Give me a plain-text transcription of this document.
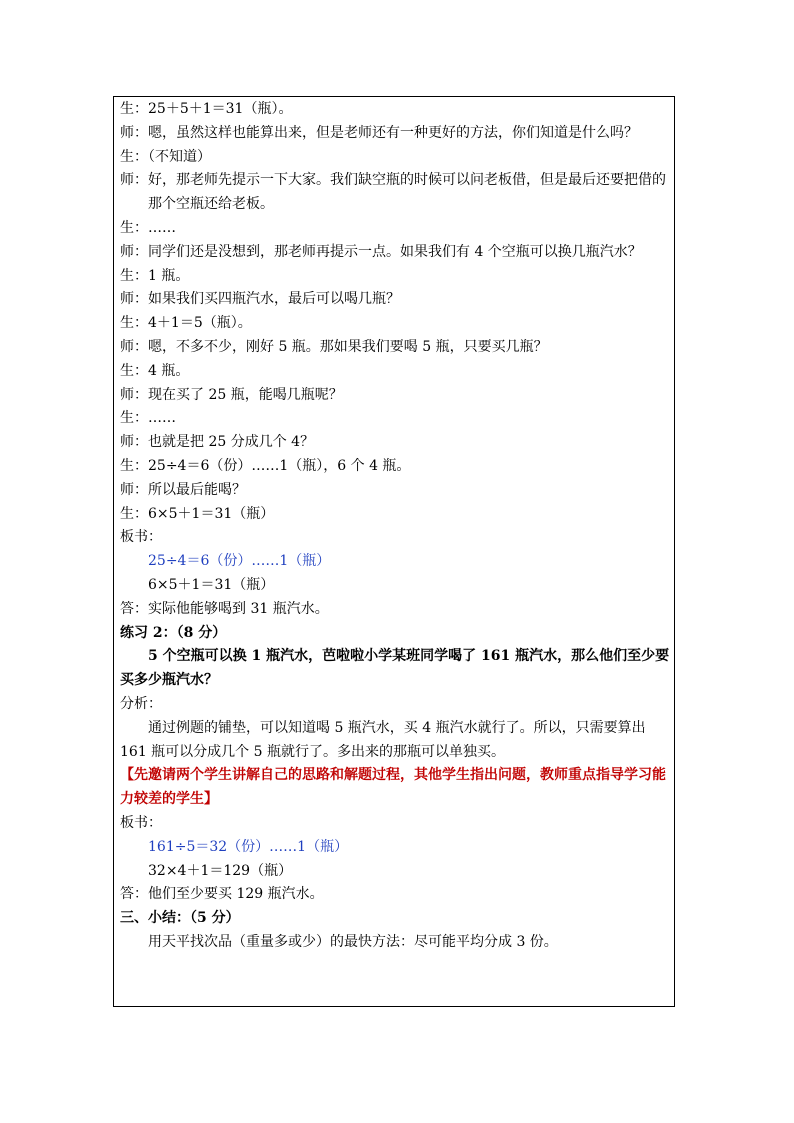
生：25＋5＋1＝31（瓶）。
师：嗯，虽然这样也能算出来，但是老师还有一种更好的方法，你们知道是什么吗？
生：（不知道）
师：好，那老师先提示一下大家。我们缺空瓶的时候可以问老板借，但是最后还要把借的那个空瓶还给老板。
生：……
师：同学们还是没想到，那老师再提示一点。如果我们有 4 个空瓶可以换几瓶汽水？
生：1 瓶。
师：如果我们买四瓶汽水，最后可以喝几瓶？
生：4＋1＝5（瓶）。
师：嗯，不多不少，刚好 5 瓶。那如果我们要喝 5 瓶，只要买几瓶？
生：4 瓶。
师：现在买了 25 瓶，能喝几瓶呢？
生：……
师：也就是把 25 分成几个 4？
生：25÷4＝6（份）……1（瓶），6 个 4 瓶。
师：所以最后能喝？
生：6×5＋1＝31（瓶）
板书：
25÷4＝6（份）……1（瓶）
6×5＋1＝31（瓶）
答：实际他能够喝到 31 瓶汽水。
练习 2：（8 分）
5 个空瓶可以换 1 瓶汽水，芭啦啦小学某班同学喝了 161 瓶汽水，那么他们至少要买多少瓶汽水？
分析：
通过例题的铺垫，可以知道喝 5 瓶汽水，买 4 瓶汽水就行了。所以，只需要算出 161 瓶可以分成几个 5 瓶就行了。多出来的那瓶可以单独买。
【先邀请两个学生讲解自己的思路和解题过程，其他学生指出问题，教师重点指导学习能力较差的学生】
板书：
161÷5＝32（份）……1（瓶）
32×4＋1＝129（瓶）
答：他们至少要买 129 瓶汽水。
三、小结：（5 分）
用天平找次品（重量多或少）的最快方法：尽可能平均分成 3 份。
